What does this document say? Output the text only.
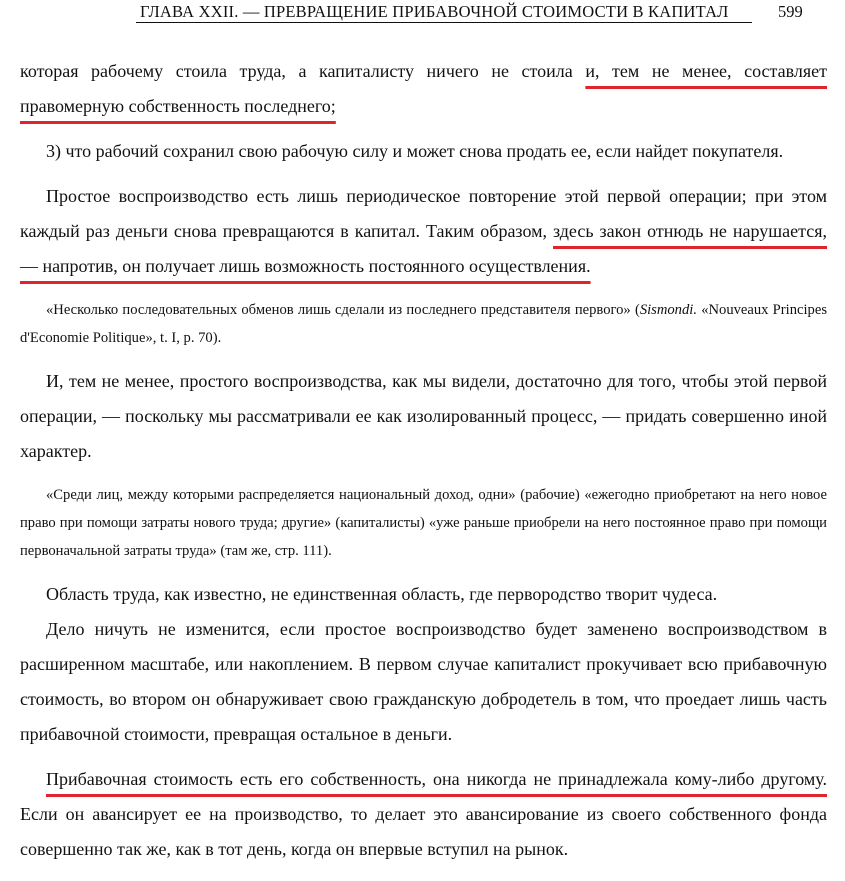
ГЛАВА XXII. — ПРЕВРАЩЕНИЕ ПРИБАВОЧНОЙ СТОИМОСТИ В КАПИТАЛ	599

которая рабочему стоила труда, а капиталисту ничего не стоила и, тем не менее, составляет правомерную собственность последнего;

3) что рабочий сохранил свою рабочую силу и может снова продать ее, если найдет покупателя.

Простое воспроизводство есть лишь периодическое повторение этой первой операции; при этом каждый раз деньги снова превращаются в капитал. Таким образом, здесь закон отнюдь не нарушается, — напротив, он получает лишь возможность постоянного осуществления.

«Несколько последовательных обменов лишь сделали из последнего представителя первого» (Sismondi. «Nouveaux Principes d'Economie Politique», t. I, p. 70).

И, тем не менее, простого воспроизводства, как мы видели, достаточно для того, чтобы этой первой операции, — поскольку мы рассматривали ее как изолированный процесс, — придать совершенно иной характер.

«Среди лиц, между которыми распределяется национальный доход, одни» (рабочие) «ежегодно приобретают на него новое право при помощи затраты нового труда; другие» (капиталисты) «уже раньше приобрели на него постоянное право при помощи первоначальной затраты труда» (там же, стр. 111).

Область труда, как известно, не единственная область, где первородство творит чудеса.

Дело ничуть не изменится, если простое воспроизводство будет заменено воспроизводством в расширенном масштабе, или накоплением. В первом случае капиталист прокучивает всю прибавочную стоимость, во втором он обнаруживает свою гражданскую добродетель в том, что проедает лишь часть прибавочной стоимости, превращая остальное в деньги.

Прибавочная стоимость есть его собственность, она никогда не принадлежала кому-либо другому. Если он авансирует ее на производство, то делает это авансирование из своего собственного фонда совершенно так же, как в тот день, когда он впервые вступил на рынок.
